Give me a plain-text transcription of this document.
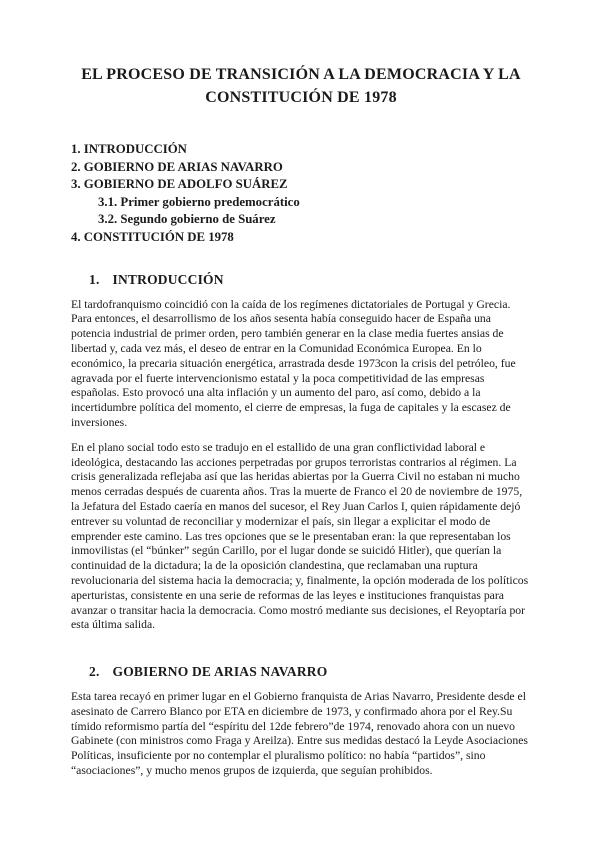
EL PROCESO DE TRANSICIÓN A LA DEMOCRACIA Y LA CONSTITUCIÓN DE 1978
1. INTRODUCCIÓN
2. GOBIERNO DE ARIAS NAVARRO
3. GOBIERNO DE ADOLFO SUÁREZ
3.1. Primer gobierno predemocrático
3.2. Segundo gobierno de Suárez
4. CONSTITUCIÓN DE 1978
1. INTRODUCCIÓN

El tardofranquismo coincidió con la caída de los regímenes dictatoriales de Portugal y Grecia. Para entonces, el desarrollismo de los años sesenta había conseguido hacer de España una potencia industrial de primer orden, pero también generar en la clase media fuertes ansias de libertad y, cada vez más, el deseo de entrar en la Comunidad Económica Europea. En lo económico, la precaria situación energética, arrastrada desde 1973con la crisis del petróleo, fue agravada por el fuerte intervencionismo estatal y la poca competitividad de las empresas españolas. Esto provocó una alta inflación y un aumento del paro, así como, debido a la incertidumbre política del momento, el cierre de empresas, la fuga de capitales y la escasez de inversiones.

En el plano social todo esto se tradujo en el estallido de una gran conflictividad laboral e ideológica, destacando las acciones perpetradas por grupos terroristas contrarios al régimen. La crisis generalizada reflejaba así que las heridas abiertas por la Guerra Civil no estaban ni mucho menos cerradas después de cuarenta años. Tras la muerte de Franco el 20 de noviembre de 1975, la Jefatura del Estado caería en manos del sucesor, el Rey Juan Carlos I, quien rápidamente dejó entrever su voluntad de reconciliar y modernizar el país, sin llegar a explicitar el modo de emprender este camino. Las tres opciones que se le presentaban eran: la que representaban los inmovilistas (el “búnker” según Carillo, por el lugar donde se suicidó Hitler), que querían la continuidad de la dictadura; la de la oposición clandestina, que reclamaban una ruptura revolucionaria del sistema hacia la democracia; y, finalmente, la opción moderada de los políticos aperturistas, consistente en una serie de reformas de las leyes e instituciones franquistas para avanzar o transitar hacia la democracia. Como mostró mediante sus decisiones, el Reyoptaría por esta última salida.

2. GOBIERNO DE ARIAS NAVARRO

Esta tarea recayó en primer lugar en el Gobierno franquista de Arias Navarro, Presidente desde el asesinato de Carrero Blanco por ETA en diciembre de 1973, y confirmado ahora por el Rey.Su tímido reformismo partía del “espíritu del 12de febrero”de 1974, renovado ahora con un nuevo Gabinete (con ministros como Fraga y Areilza). Entre sus medidas destacó la Leyde Asociaciones Políticas, insuficiente por no contemplar el pluralismo político: no había “partidos”, sino “asociaciones”, y mucho menos grupos de izquierda, que seguían prohibidos.
